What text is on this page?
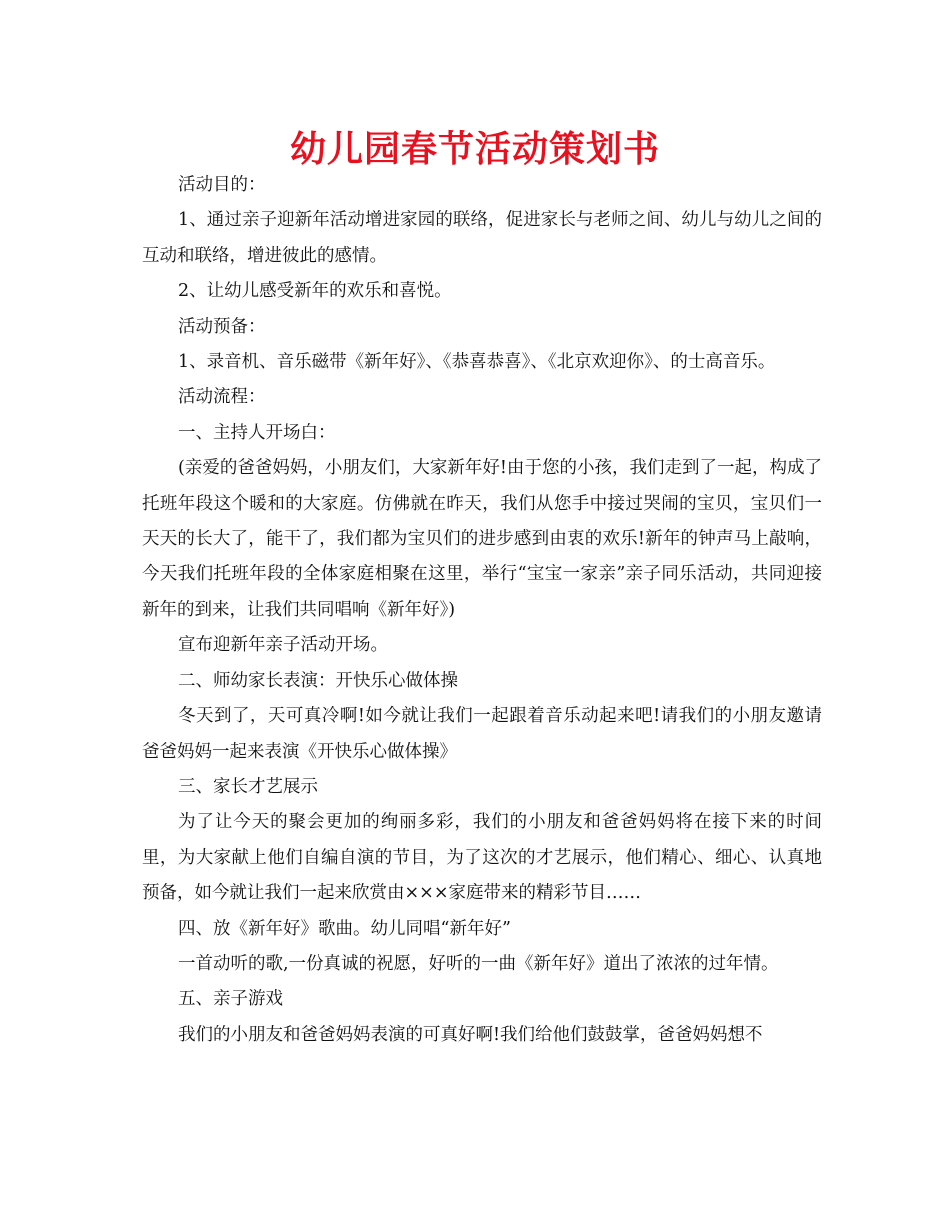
幼儿园春节活动策划书

活动目的：

1、通过亲子迎新年活动增进家园的联络，促进家长与老师之间、幼儿与幼儿之间的互动和联络，增进彼此的感情。

2、让幼儿感受新年的欢乐和喜悦。

活动预备：

1、录音机、音乐磁带《新年好》、《恭喜恭喜》、《北京欢迎你》、的士高音乐。

活动流程：

一、主持人开场白：

(亲爱的爸爸妈妈，小朋友们，大家新年好!由于您的小孩，我们走到了一起，构成了托班年段这个暖和的大家庭。仿佛就在昨天，我们从您手中接过哭闹的宝贝，宝贝们一天天的长大了，能干了，我们都为宝贝们的进步感到由衷的欢乐!新年的钟声马上敲响，今天我们托班年段的全体家庭相聚在这里，举行“宝宝一家亲”亲子同乐活动，共同迎接新年的到来，让我们共同唱响《新年好》)

宣布迎新年亲子活动开场。

二、师幼家长表演：开快乐心做体操

冬天到了，天可真冷啊!如今就让我们一起跟着音乐动起来吧!请我们的小朋友邀请爸爸妈妈一起来表演《开快乐心做体操》

三、家长才艺展示

为了让今天的聚会更加的绚丽多彩，我们的小朋友和爸爸妈妈将在接下来的时间里，为大家献上他们自编自演的节目，为了这次的才艺展示，他们精心、细心、认真地预备，如今就让我们一起来欣赏由×××家庭带来的精彩节目……

四、放《新年好》歌曲。幼儿同唱“新年好”

一首动听的歌,一份真诚的祝愿，好听的一曲《新年好》道出了浓浓的过年情。

五、亲子游戏

我们的小朋友和爸爸妈妈表演的可真好啊!我们给他们鼓鼓掌，爸爸妈妈想不
